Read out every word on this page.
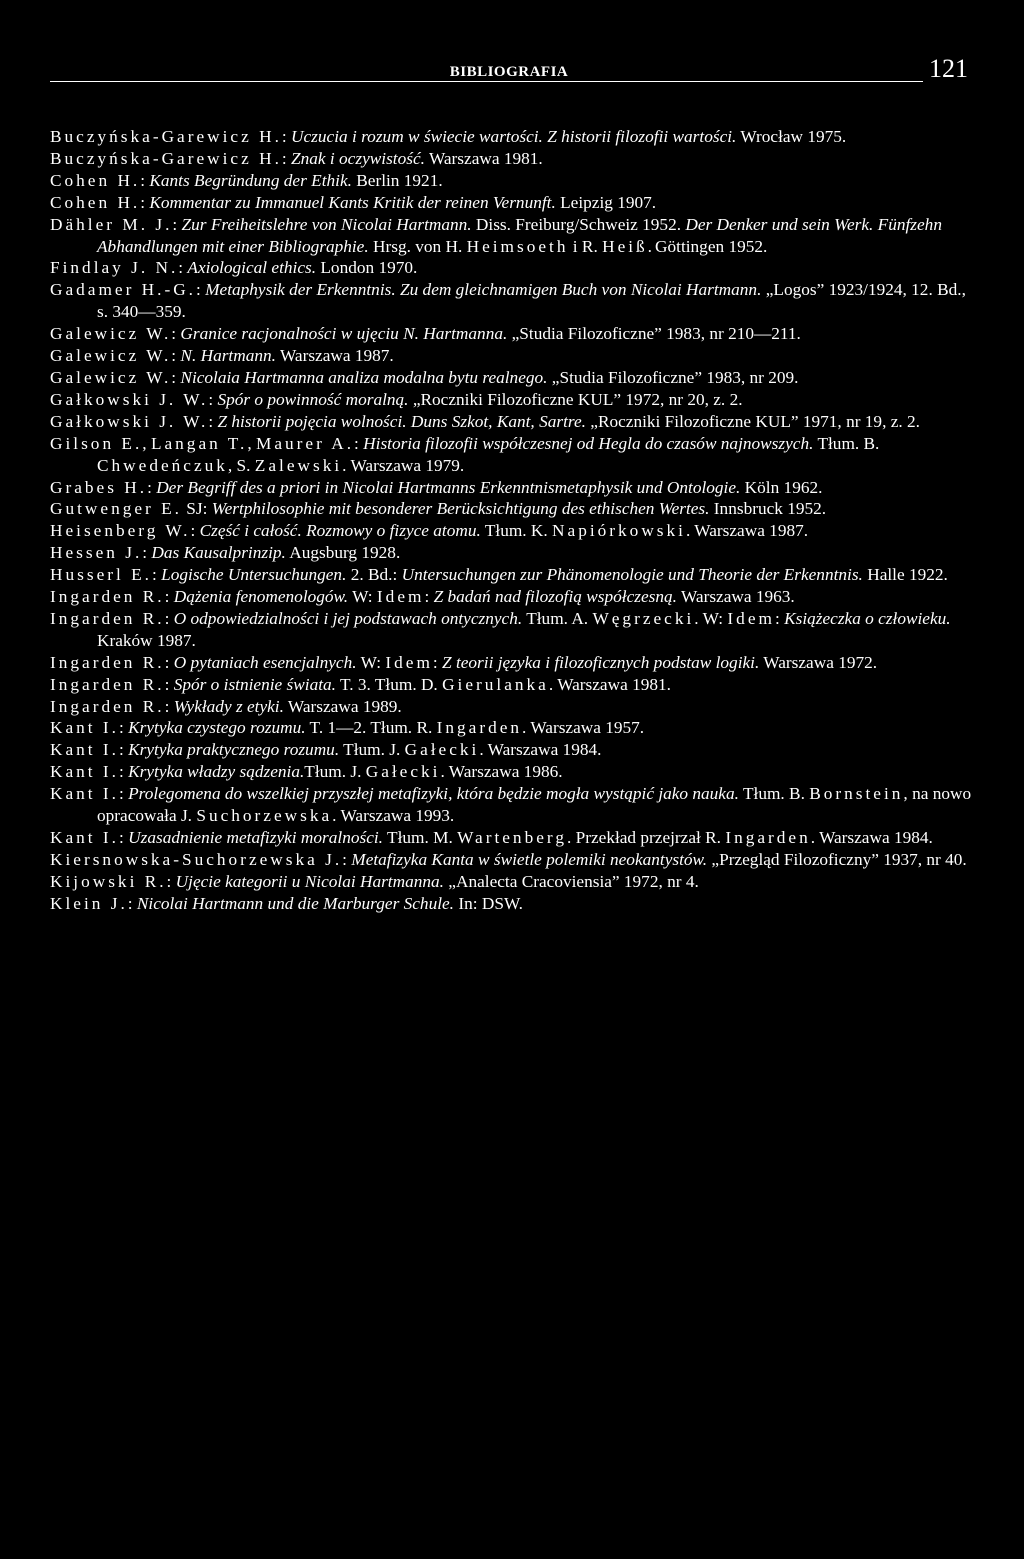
BIBLIOGRAFIA	121

Buczyńska-Garewicz H.: Uczucia i rozum w świecie wartości. Z historii filozofii wartości. Wrocław 1975.

Buczyńska-Garewicz H.: Znak i oczywistość. Warszawa 1981.

Cohen H.: Kants Begründung der Ethik. Berlin 1921.

Cohen H.: Kommentar zu Immanuel Kants Kritik der reinen Vernunft. Leipzig 1907.

Dähler M. J.: Zur Freiheitslehre von Nicolai Hartmann. Diss. Freiburg/Schweiz 1952. Der Denker und sein Werk. Fünfzehn Abhandlungen mit einer Bibliographie. Hrsg. von H. Heimsoeth i R. Heiß.Göttingen 1952.

Findlay J. N.: Axiological ethics. London 1970.

Gadamer H.-G.: Metaphysik der Erkenntnis. Zu dem gleichnamigen Buch von Nicolai Hartmann. „Logos” 1923/1924, 12. Bd., s. 340—359.

Galewicz W.: Granice racjonalności w ujęciu N. Hartmanna. „Studia Filozoficzne” 1983, nr 210—211.

Galewicz W.: N. Hartmann. Warszawa 1987.

Galewicz W.: Nicolaia Hartmanna analiza modalna bytu realnego. „Studia Filozoficzne” 1983, nr 209.

Gałkowski J. W.: Spór o powinność moralną. „Roczniki Filozoficzne KUL” 1972, nr 20, z. 2.

Gałkowski J. W.: Z historii pojęcia wolności. Duns Szkot, Kant, Sartre. „Roczniki Filozoficzne KUL” 1971, nr 19, z. 2.

Gilson E., Langan T., Maurer A.: Historia filozofii współczesnej od Hegla do czasów najnowszych. Tłum. B. Chwedeńczuk, S. Zalewski. Warszawa 1979.

Grabes H.: Der Begriff des a priori in Nicolai Hartmanns Erkenntnismetaphysik und Ontologie. Köln 1962.

Gutwenger E. SJ: Wertphilosophie mit besonderer Berücksichtigung des ethischen Wertes. Innsbruck 1952.

Heisenberg W.: Część i całość. Rozmowy o fizyce atomu. Tłum. K. Napiórkowski. Warszawa 1987.

Hessen J.: Das Kausalprinzip. Augsburg 1928.

Husserl E.: Logische Untersuchungen. 2. Bd.: Untersuchungen zur Phänomenologie und Theorie der Erkenntnis. Halle 1922.

Ingarden R.: Dążenia fenomenologów. W: Idem: Z badań nad filozofią współczesną. Warszawa 1963.

Ingarden R.: O odpowiedzialności i jej podstawach ontycznych. Tłum. A. Węgrzecki. W: Idem: Książeczka o człowieku. Kraków 1987.

Ingarden R.: O pytaniach esencjalnych. W: Idem: Z teorii języka i filozoficznych podstaw logiki. Warszawa 1972.

Ingarden R.: Spór o istnienie świata. T. 3. Tłum. D. Gierulanka. Warszawa 1981.

Ingarden R.: Wykłady z etyki. Warszawa 1989.

Kant I.: Krytyka czystego rozumu. T. 1—2. Tłum. R. Ingarden. Warszawa 1957.

Kant I.: Krytyka praktycznego rozumu. Tłum. J. Gałecki. Warszawa 1984.

Kant I.: Krytyka władzy sądzenia.Tłum. J. Gałecki. Warszawa 1986.

Kant I.: Prolegomena do wszelkiej przyszłej metafizyki, która będzie mogła wystąpić jako nauka. Tłum. B. Bornstein, na nowo opracowała J. Suchorzewska. Warszawa 1993.

Kant I.: Uzasadnienie metafizyki moralności. Tłum. M. Wartenberg. Przekład przejrzał R. Ingarden. Warszawa 1984.

Kiersnowska-Suchorzewska J.: Metafizyka Kanta w świetle polemiki neokantystów. „Przegląd Filozoficzny” 1937, nr 40.

Kijowski R.: Ujęcie kategorii u Nicolai Hartmanna. „Analecta Cracoviensia” 1972, nr 4.

Klein J.: Nicolai Hartmann und die Marburger Schule. In: DSW.
